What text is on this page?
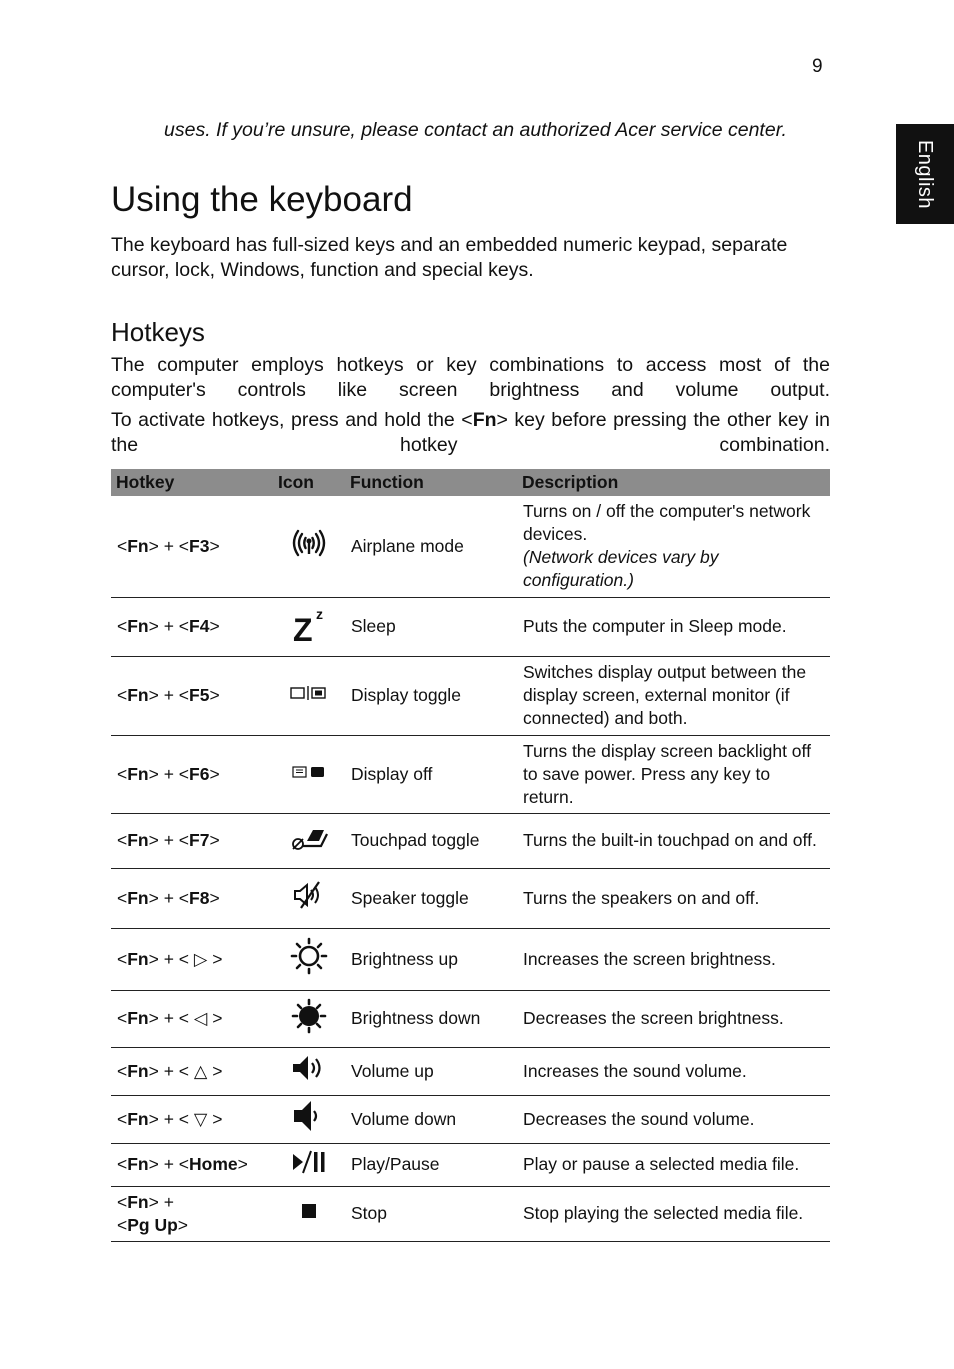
9
English
uses. If you’re unsure, please contact an authorized Acer service center.
Using the keyboard

The keyboard has full-sized keys and an embedded numeric keypad, separate cursor, lock, Windows, function and special keys.

Hotkeys

The computer employs hotkeys or key combinations to access most of the computer's controls like screen brightness and volume output.

To activate hotkeys, press and hold the <Fn> key before pressing the other key in the hotkey combination.

Hotkey	Icon	Function	Description
<Fn> + <F3>		Airplane mode	Turns on / off the computer's network devices.
(Network devices vary by configuration.)

<Fn> + <F4>	Z z	Sleep	Puts the computer in Sleep mode.

<Fn> + <F5>		Display toggle	Switches display output between the display screen, external monitor (if connected) and both.

<Fn> + <F6>		Display off	Turns the display screen backlight off to save power. Press any key to return.

<Fn> + <F7>		Touchpad toggle	Turns the built-in touchpad on and off.

<Fn> + <F8>		Speaker toggle	Turns the speakers on and off.

<Fn> + < ▷ >		Brightness up	Increases the screen brightness.

<Fn> + < ◁ >		Brightness down	Decreases the screen brightness.

<Fn> + < △ >		Volume up	Increases the sound volume.

<Fn> + < ▽ >		Volume down	Decreases the sound volume.

<Fn> + <Home>		Play/Pause	Play or pause a selected media file.

<Fn> +
<Pg Up>		Stop	Stop playing the selected media file.
